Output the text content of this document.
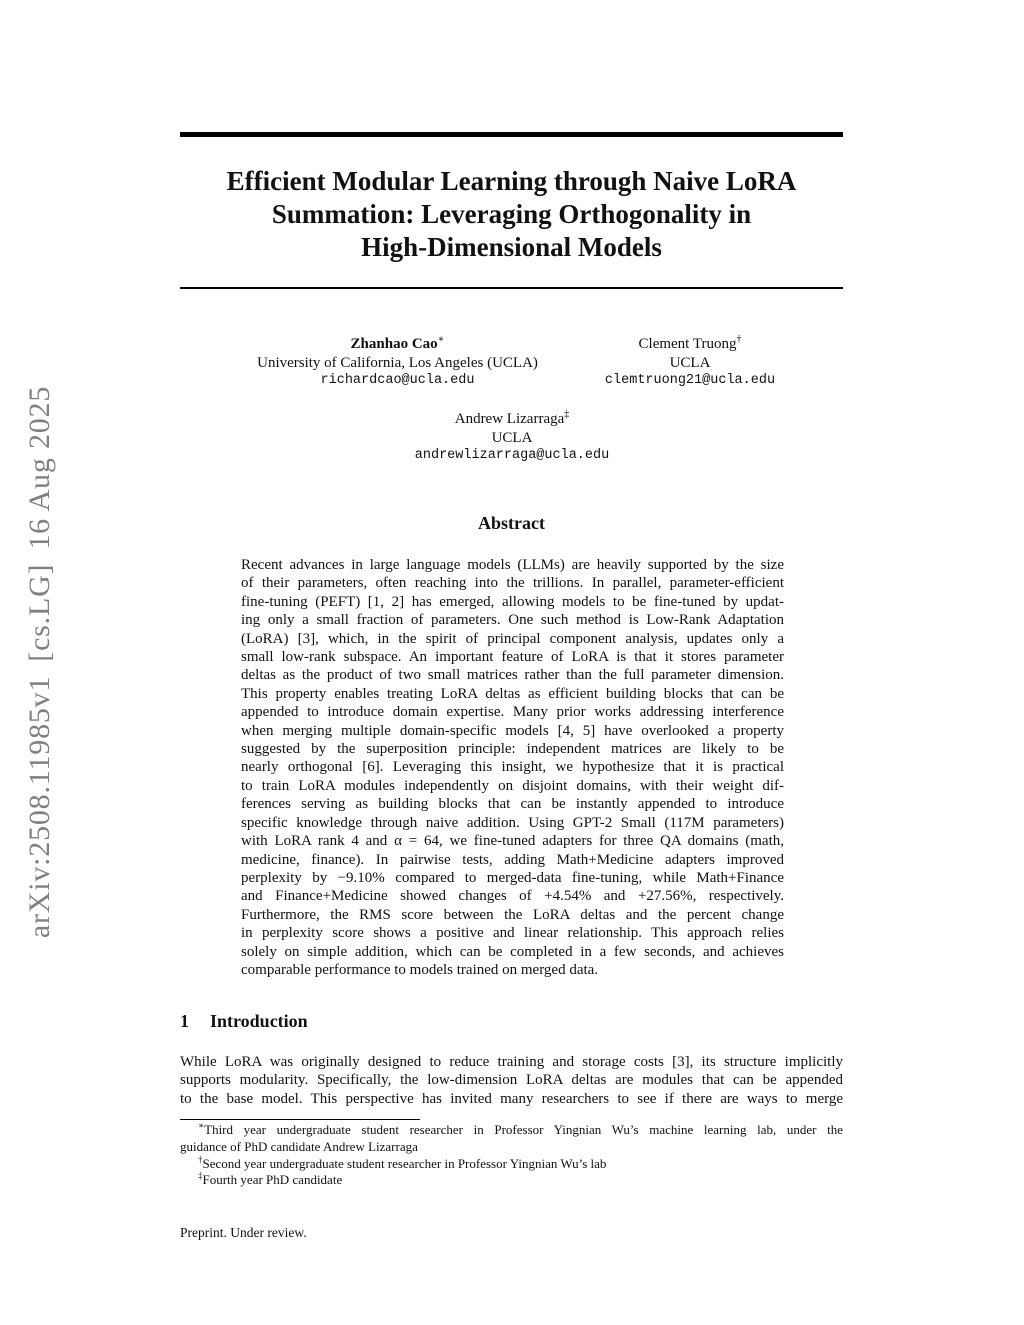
arXiv:2508.11985v1[cs.LG]16 Aug 2025
Efficient Modular Learning through Naive LoRA
Summation: Leveraging Orthogonality in
High-Dimensional Models
Zhanhao Cao∗
University of California, Los Angeles (UCLA)
richardcao@ucla.edu
Clement Truong†
UCLA
clemtruong21@ucla.edu
Andrew Lizarraga‡
UCLA
andrewlizarraga@ucla.edu
Abstract
Recent advances in large language models (LLMs) are heavily supported by the size
of their parameters, often reaching into the trillions. In parallel, parameter-efficient
fine-tuning (PEFT) [1, 2] has emerged, allowing models to be fine-tuned by updat-
ing only a small fraction of parameters. One such method is Low-Rank Adaptation
(LoRA) [3], which, in the spirit of principal component analysis, updates only a
small low-rank subspace. An important feature of LoRA is that it stores parameter
deltas as the product of two small matrices rather than the full parameter dimension.
This property enables treating LoRA deltas as efficient building blocks that can be
appended to introduce domain expertise. Many prior works addressing interference
when merging multiple domain-specific models [4, 5] have overlooked a property
suggested by the superposition principle: independent matrices are likely to be
nearly orthogonal [6]. Leveraging this insight, we hypothesize that it is practical
to train LoRA modules independently on disjoint domains, with their weight dif-
ferences serving as building blocks that can be instantly appended to introduce
specific knowledge through naive addition. Using GPT-2 Small (117M parameters)
with LoRA rank 4 and α = 64, we fine-tuned adapters for three QA domains (math,
medicine, finance). In pairwise tests, adding Math+Medicine adapters improved
perplexity by −9.10% compared to merged-data fine-tuning, while Math+Finance
and Finance+Medicine showed changes of +4.54% and +27.56%, respectively.
Furthermore, the RMS score between the LoRA deltas and the percent change
in perplexity score shows a positive and linear relationship. This approach relies
solely on simple addition, which can be completed in a few seconds, and achieves
comparable performance to models trained on merged data.
1 Introduction
While LoRA was originally designed to reduce training and storage costs [3], its structure implicitly
supports modularity. Specifically, the low-dimension LoRA deltas are modules that can be appended
to the base model. This perspective has invited many researchers to see if there are ways to merge
∗Third year undergraduate student researcher in Professor Yingnian Wu’s machine learning lab, under the
guidance of PhD candidate Andrew Lizarraga
†Second year undergraduate student researcher in Professor Yingnian Wu’s lab
‡Fourth year PhD candidate
Preprint. Under review.
